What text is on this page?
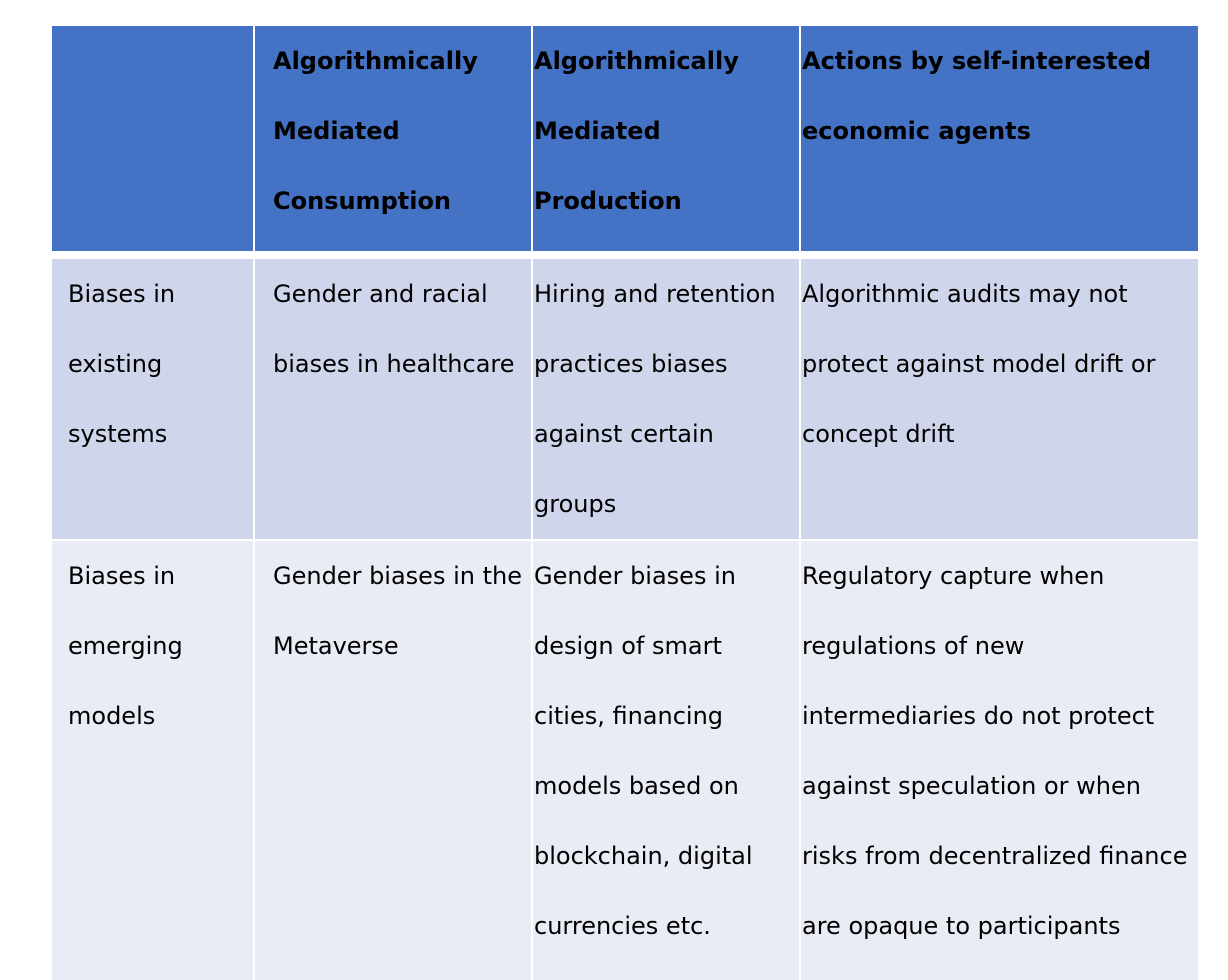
	Algorithmically Mediated Consumption	Algorithmically Mediated Production	Actions by self-interested economic agents
Biases in existing systems	Gender and racial biases in healthcare	Hiring and retention practices biases against certain groups	Algorithmic audits may not protect against model drift or concept drift
Biases in emerging models	Gender biases in the Metaverse	Gender biases in design of smart cities, financing models based on blockchain, digital currencies etc.	Regulatory capture when regulations of new intermediaries do not protect against speculation or when risks from decentralized finance are opaque to participants
